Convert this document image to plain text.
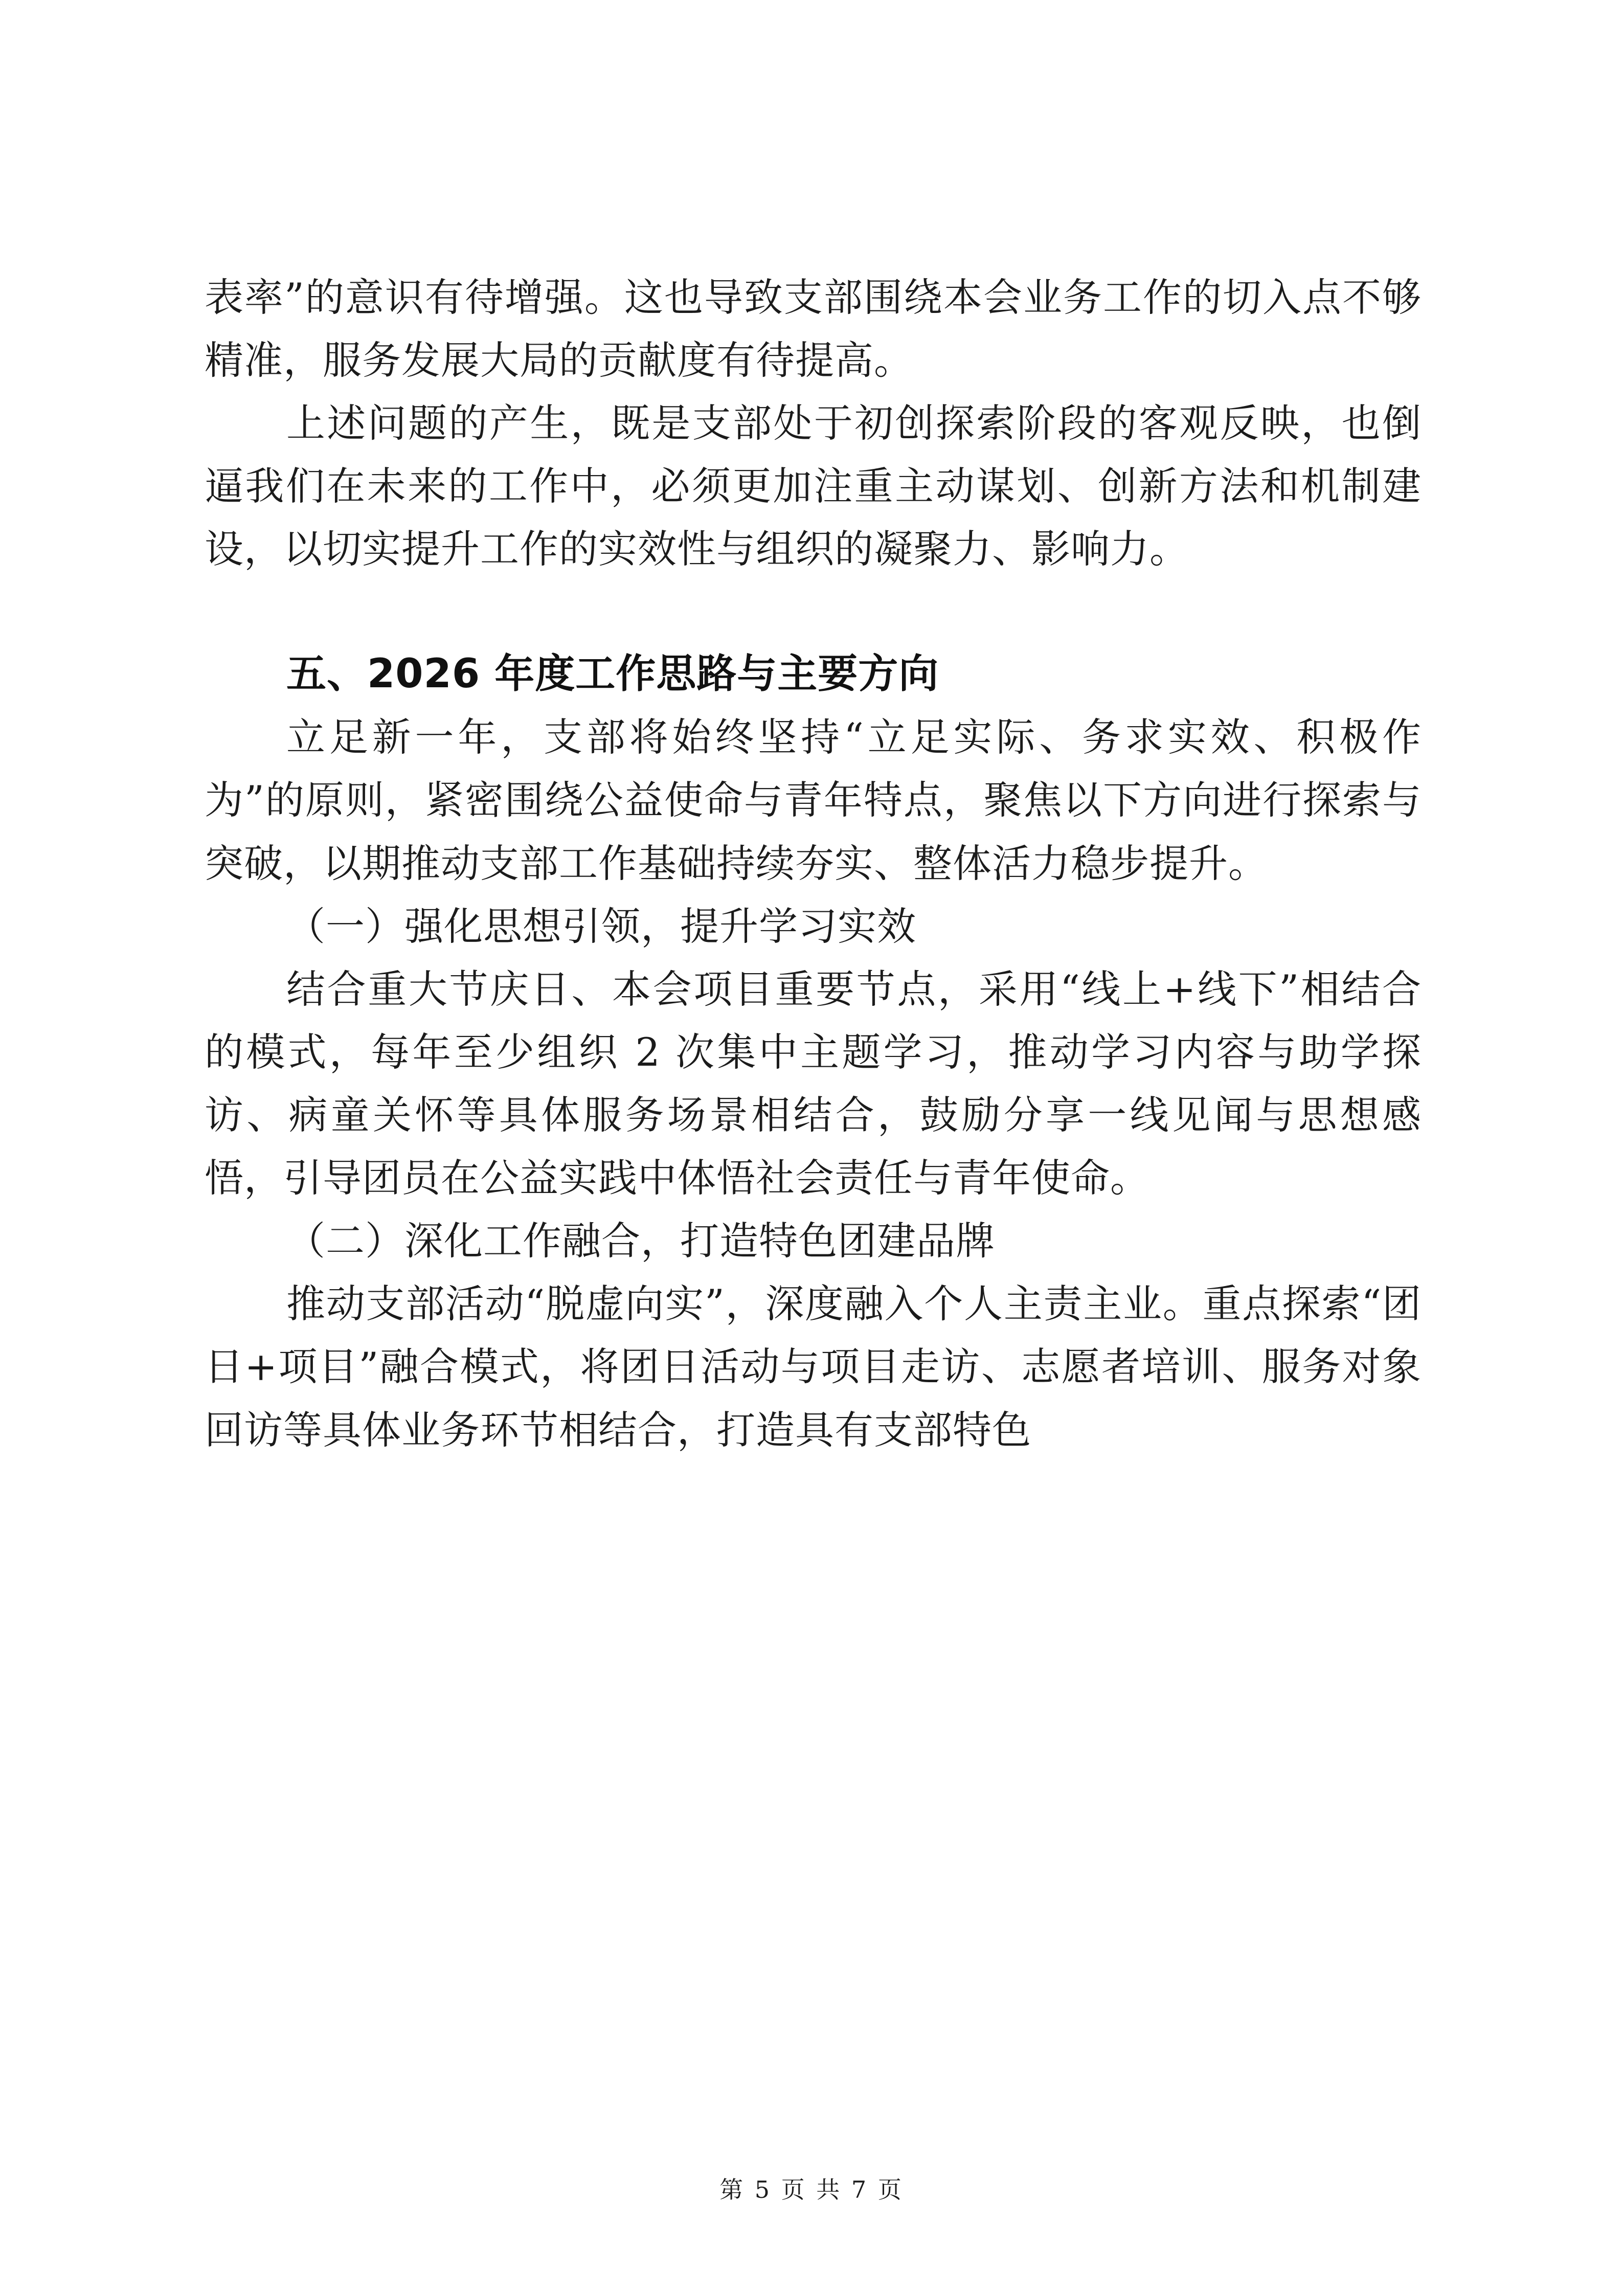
表率”的意识有待增强。这也导致支部围绕本会业务工作的切入点不够精准，服务发展大局的贡献度有待提高。

上述问题的产生，既是支部处于初创探索阶段的客观反映，也倒逼我们在未来的工作中，必须更加注重主动谋划、创新方法和机制建设，以切实提升工作的实效性与组织的凝聚力、影响力。

五、2026 年度工作思路与主要方向

立足新一年，支部将始终坚持“立足实际、务求实效、积极作为”的原则，紧密围绕公益使命与青年特点，聚焦以下方向进行探索与突破，以期推动支部工作基础持续夯实、整体活力稳步提升。

（一）强化思想引领，提升学习实效

结合重大节庆日、本会项目重要节点，采用“线上+线下”相结合的模式，每年至少组织 2 次集中主题学习，推动学习内容与助学探访、病童关怀等具体服务场景相结合，鼓励分享一线见闻与思想感悟，引导团员在公益实践中体悟社会责任与青年使命。

（二）深化工作融合，打造特色团建品牌

推动支部活动“脱虚向实”，深度融入个人主责主业。重点探索“团日+项目”融合模式，将团日活动与项目走访、志愿者培训、服务对象回访等具体业务环节相结合，打造具有支部特色

第 5 页 共 7 页
